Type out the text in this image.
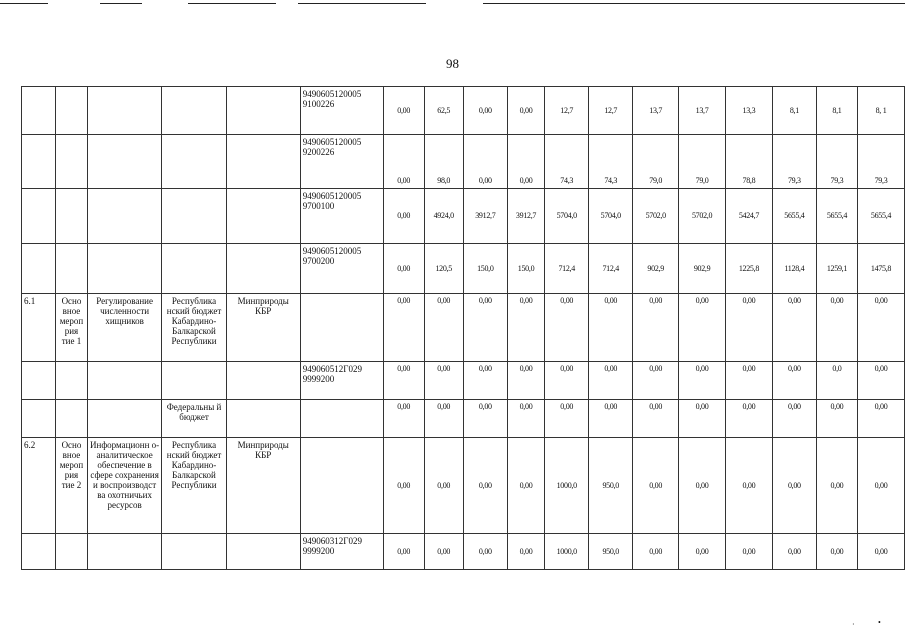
98
					9490605120005 9100226	0,00	62,5	0,00	0,00	12,7	12,7	13,7	13,7	13,3	8,1	8,1	8, 1
					9490605120005 9200226	0,00	98,0	0,00	0,00	74,3	74,3	79,0	79,0	78,8	79,3	79,3	79,3
					9490605120005 9700100	0,00	4924,0	3912,7	3912,7	5704,0	5704,0	5702,0	5702,0	5424,7	5655,4	5655,4	5655,4
					9490605120005 9700200	0,00	120,5	150,0	150,0	712,4	712,4	902,9	902,9	1225,8	1128,4	1259,1	1475,8
6.1	Осно вное мероп рия тие 1	Регулирование численности хищников	Республика нский бюджет Кабардино-Балкарской Республики	Минприроды КБР		0,00	0,00	0,00	0,00	0,00	0,00	0,00	0,00	0,00	0,00	0,00	0,00
					949060512Г029 9999200	0,00	0,00	0,00	0,00	0,00	0,00	0,00	0,00	0,00	0,00	0,0	0,00
			Федеральны й бюджет			0,00	0,00	0,00	0,00	0,00	0,00	0,00	0,00	0,00	0,00	0,00	0,00
6.2	Осно вное мероп рия тие 2	Информационн о-аналитическое обеспечение в сфере сохранения и воспроизводст ва охотничьих ресурсов	Республика нский бюджет Кабардино-Балкарской Республики	Минприроды КБР		0,00	0,00	0,00	0,00	1000,0	950,0	0,00	0,00	0,00	0,00	0,00	0,00
					949060312Г029 9999200	0,00	0,00	0,00	0,00	1000,0	950,0	0,00	0,00	0,00	0,00	0,00	0,00
·	•
